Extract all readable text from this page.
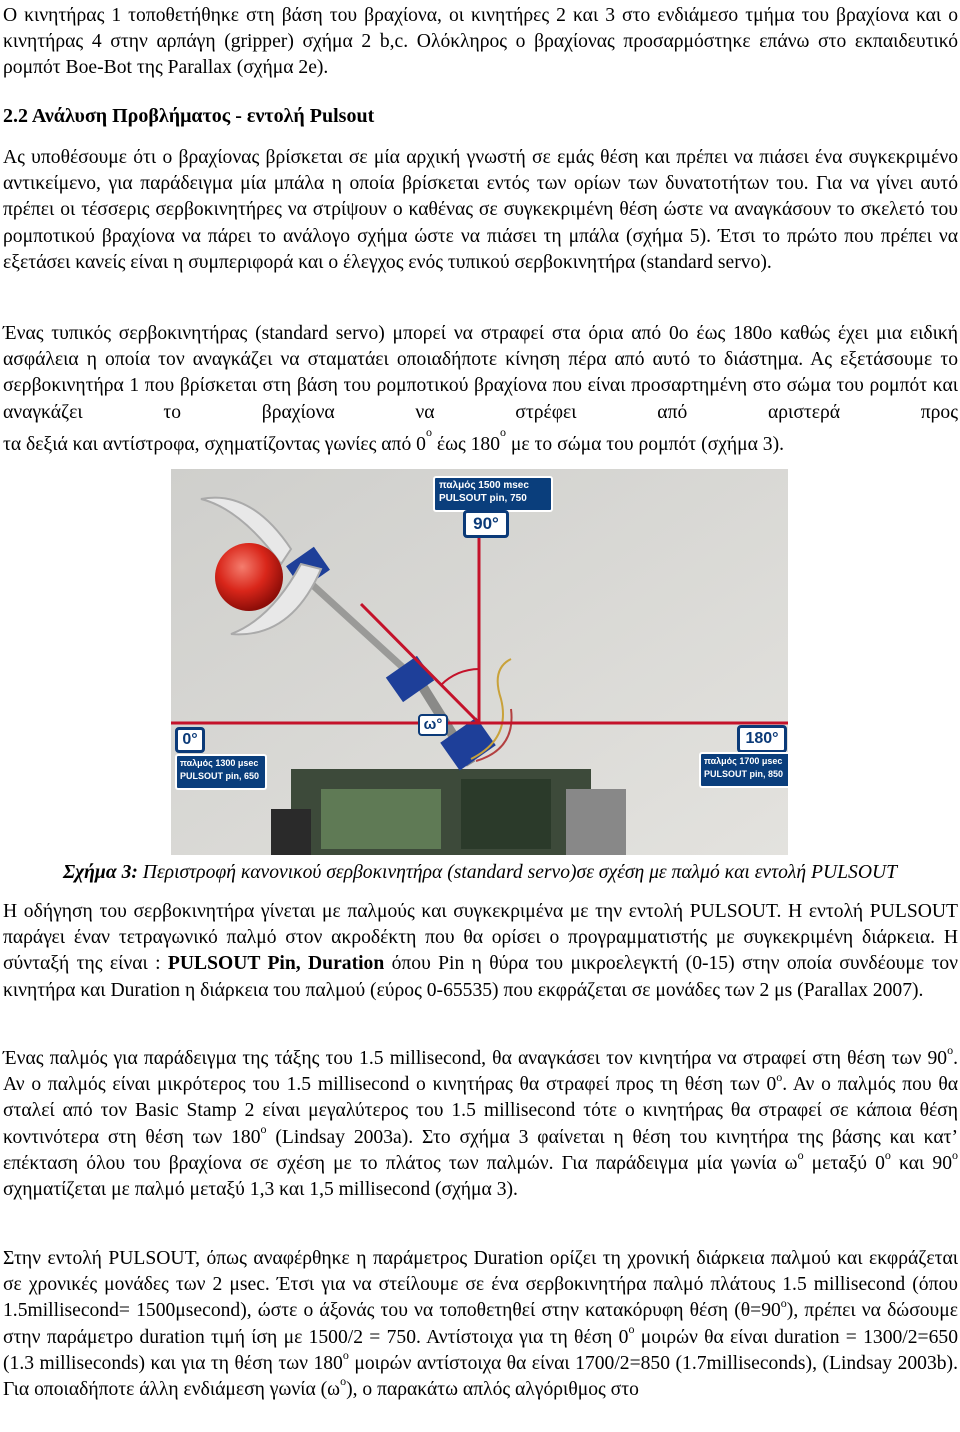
Ο κινητήρας 1 τοποθετήθηκε στη βάση του βραχίονα, οι κινητήρες 2 και 3 στο ενδιάμεσο τμήμα του βραχίονα και ο κινητήρας 4 στην αρπάγη (gripper) σχήμα 2 b,c. Ολόκληρος ο βραχίονας προσαρμόστηκε επάνω στο εκπαιδευτικό ρομπότ Boe-Bot της Parallax (σχήμα 2e).

2.2 Ανάλυση Προβλήματος - εντολή Pulsout

Ας υποθέσουμε ότι ο βραχίονας βρίσκεται σε μία αρχική γνωστή σε εμάς θέση και πρέπει να πιάσει ένα συγκεκριμένο αντικείμενο, για παράδειγμα μία μπάλα η οποία βρίσκεται εντός των ορίων των δυνατοτήτων του. Για να γίνει αυτό πρέπει οι τέσσερις σερβοκινητήρες να στρίψουν ο καθένας σε συγκεκριμένη θέση ώστε να αναγκάσουν το σκελετό του ρομποτικού βραχίονα να πάρει το ανάλογο σχήμα ώστε να πιάσει τη μπάλα (σχήμα 5). Έτσι το πρώτο που πρέπει να εξετάσει κανείς είναι η συμπεριφορά και ο έλεγχος ενός τυπικού σερβοκινητήρα (standard servo).

Ένας τυπικός σερβοκινητήρας (standard servo) μπορεί να στραφεί στα όρια από 0ο έως 180ο καθώς έχει μια ειδική ασφάλεια η οποία τον αναγκάζει να σταματάει οποιαδήποτε κίνηση πέρα από αυτό το διάστημα. Ας εξετάσουμε το σερβοκινητήρα 1 που βρίσκεται στη βάση του ρομποτικού βραχίονα που είναι προσαρτημένη στο σώμα του ρομπότ και αναγκάζει το βραχίονα να στρέφει από αριστερά προς

τα δεξιά και αντίστροφα, σχηματίζοντας γωνίες από $0^o$ έως $180^o$ με το σώμα του ρομπότ (σχήμα 3).

παλμός 1500 msec
PULSOUT pin, 750
90°
0°	180°
ω°
παλμός 1300 μsec
PULSOUT pin, 650
παλμός 1700 μsec
PULSOUT pin, 850
Σχήμα 3: Περιστροφή κανονικού σερβοκινητήρα (standard servo)σε σχέση με παλμό και εντολή PULSOUT

Η οδήγηση του σερβοκινητήρα γίνεται με παλμούς και συγκεκριμένα με την εντολή PULSOUT. Η εντολή PULSOUT παράγει έναν τετραγωνικό παλμό στον ακροδέκτη που θα ορίσει ο προγραμματιστής με συγκεκριμένη διάρκεια. Η σύνταξή της είναι : PULSOUT Pin, Duration όπου Pin η θύρα του μικροελεγκτή (0-15) στην οποία συνδέουμε τον κινητήρα και Duration η διάρκεια του παλμού (εύρος 0-65535) που εκφράζεται σε μονάδες των 2 μs (Parallax 2007).

Ένας παλμός για παράδειγμα της τάξης του 1.5 millisecond, θα αναγκάσει τον κινητήρα να στραφεί στη θέση των $90^o$. Αν ο παλμός είναι μικρότερος του 1.5 millisecond ο κινητήρας θα στραφεί προς τη θέση των $0^o$. Αν ο παλμός που θα σταλεί από τον Basic Stamp 2 είναι μεγαλύτερος του 1.5 millisecond τότε ο κινητήρας θα στραφεί σε κάποια θέση κοντινότερα στη θέση των $180^o$ (Lindsay 2003a). Στο σχήμα 3 φαίνεται η θέση του κινητήρα της βάσης και κατ’ επέκταση όλου του βραχίονα σε σχέση με το πλάτος των παλμών. Για παράδειγμα μία γωνία $\omega^o$ μεταξύ $0^o$ και $90^o$ σχηματίζεται με παλμό μεταξύ 1,3 και 1,5 millisecond (σχήμα 3).

Στην εντολή PULSOUT, όπως αναφέρθηκε η παράμετρος Duration ορίζει τη χρονική διάρκεια παλμού και εκφράζεται σε χρονικές μονάδες των 2 μsec. Έτσι για να στείλουμε σε ένα σερβοκινητήρα παλμό πλάτους 1.5 millisecond (όπου 1.5millisecond= 1500μsecond), ώστε ο άξονάς του να τοποθετηθεί στην κατακόρυφη θέση $(\theta=90^o)$, πρέπει να δώσουμε στην παράμετρο duration τιμή ίση με 1500/2 = 750. Αντίστοιχα για τη θέση $0^o$ μοιρών θα είναι duration = 1300/2=650 (1.3 milliseconds) και για τη θέση των $180^o$ μοιρών αντίστοιχα θα είναι 1700/2=850 (1.7milliseconds), (Lindsay 2003b). Για οποιαδήποτε άλλη ενδιάμεση γωνία $(\omega^o)$, ο παρακάτω απλός αλγόριθμος στο
